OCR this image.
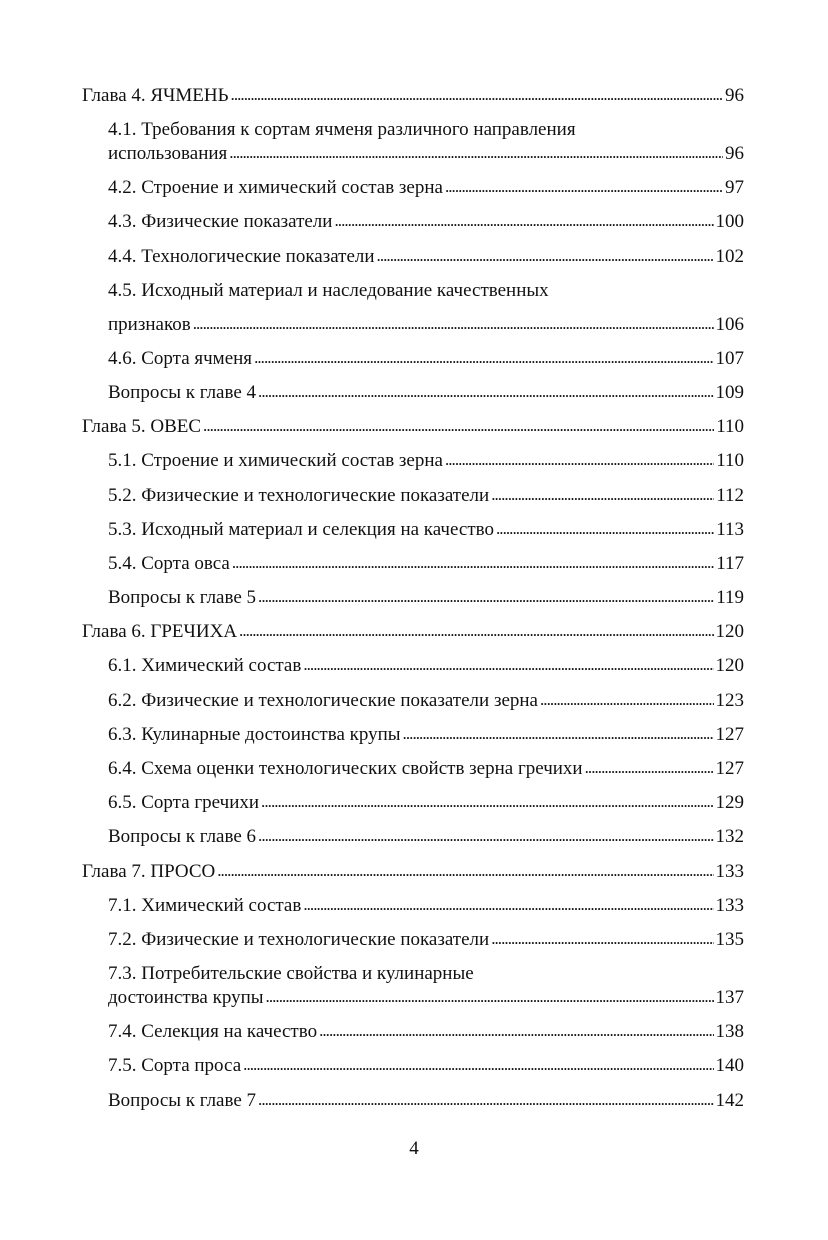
Глава 4. ЯЧМЕНЬ . . .	96
4.1. Требования к сортам ячменя различного направления
использования . . .	96
4.2. Строение и химический состав зерна . . .	97
4.3. Физические показатели . . .	100
4.4. Технологические показатели . . .	102
4.5. Исходный материал и наследование качественных
признаков . . .	106
4.6. Сорта ячменя . . .	107
Вопросы к главе 4 . . .	109
Глава 5. ОВЕС . . .	110
5.1. Строение и химический состав зерна . . .	110
5.2. Физические и технологические показатели . . .	112
5.3. Исходный материал и селекция на качество . . .	113
5.4. Сорта овса . . .	117
Вопросы к главе 5 . . .	119
Глава 6. ГРЕЧИХА . . .	120
6.1. Химический состав . . .	120
6.2. Физические и технологические показатели зерна . . .	123
6.3. Кулинарные достоинства крупы . . .	127
6.4. Схема оценки технологических свойств зерна гречихи . . .	127
6.5. Сорта гречихи . . .	129
Вопросы к главе 6 . . .	132
Глава 7. ПРОСО . . .	133
7.1. Химический состав . . .	133
7.2. Физические и технологические показатели . . .	135
7.3. Потребительские свойства и кулинарные
достоинства крупы . . .	137
7.4. Селекция на качество . . .	138
7.5. Сорта проса . . .	140
Вопросы к главе 7 . . .	142
4
